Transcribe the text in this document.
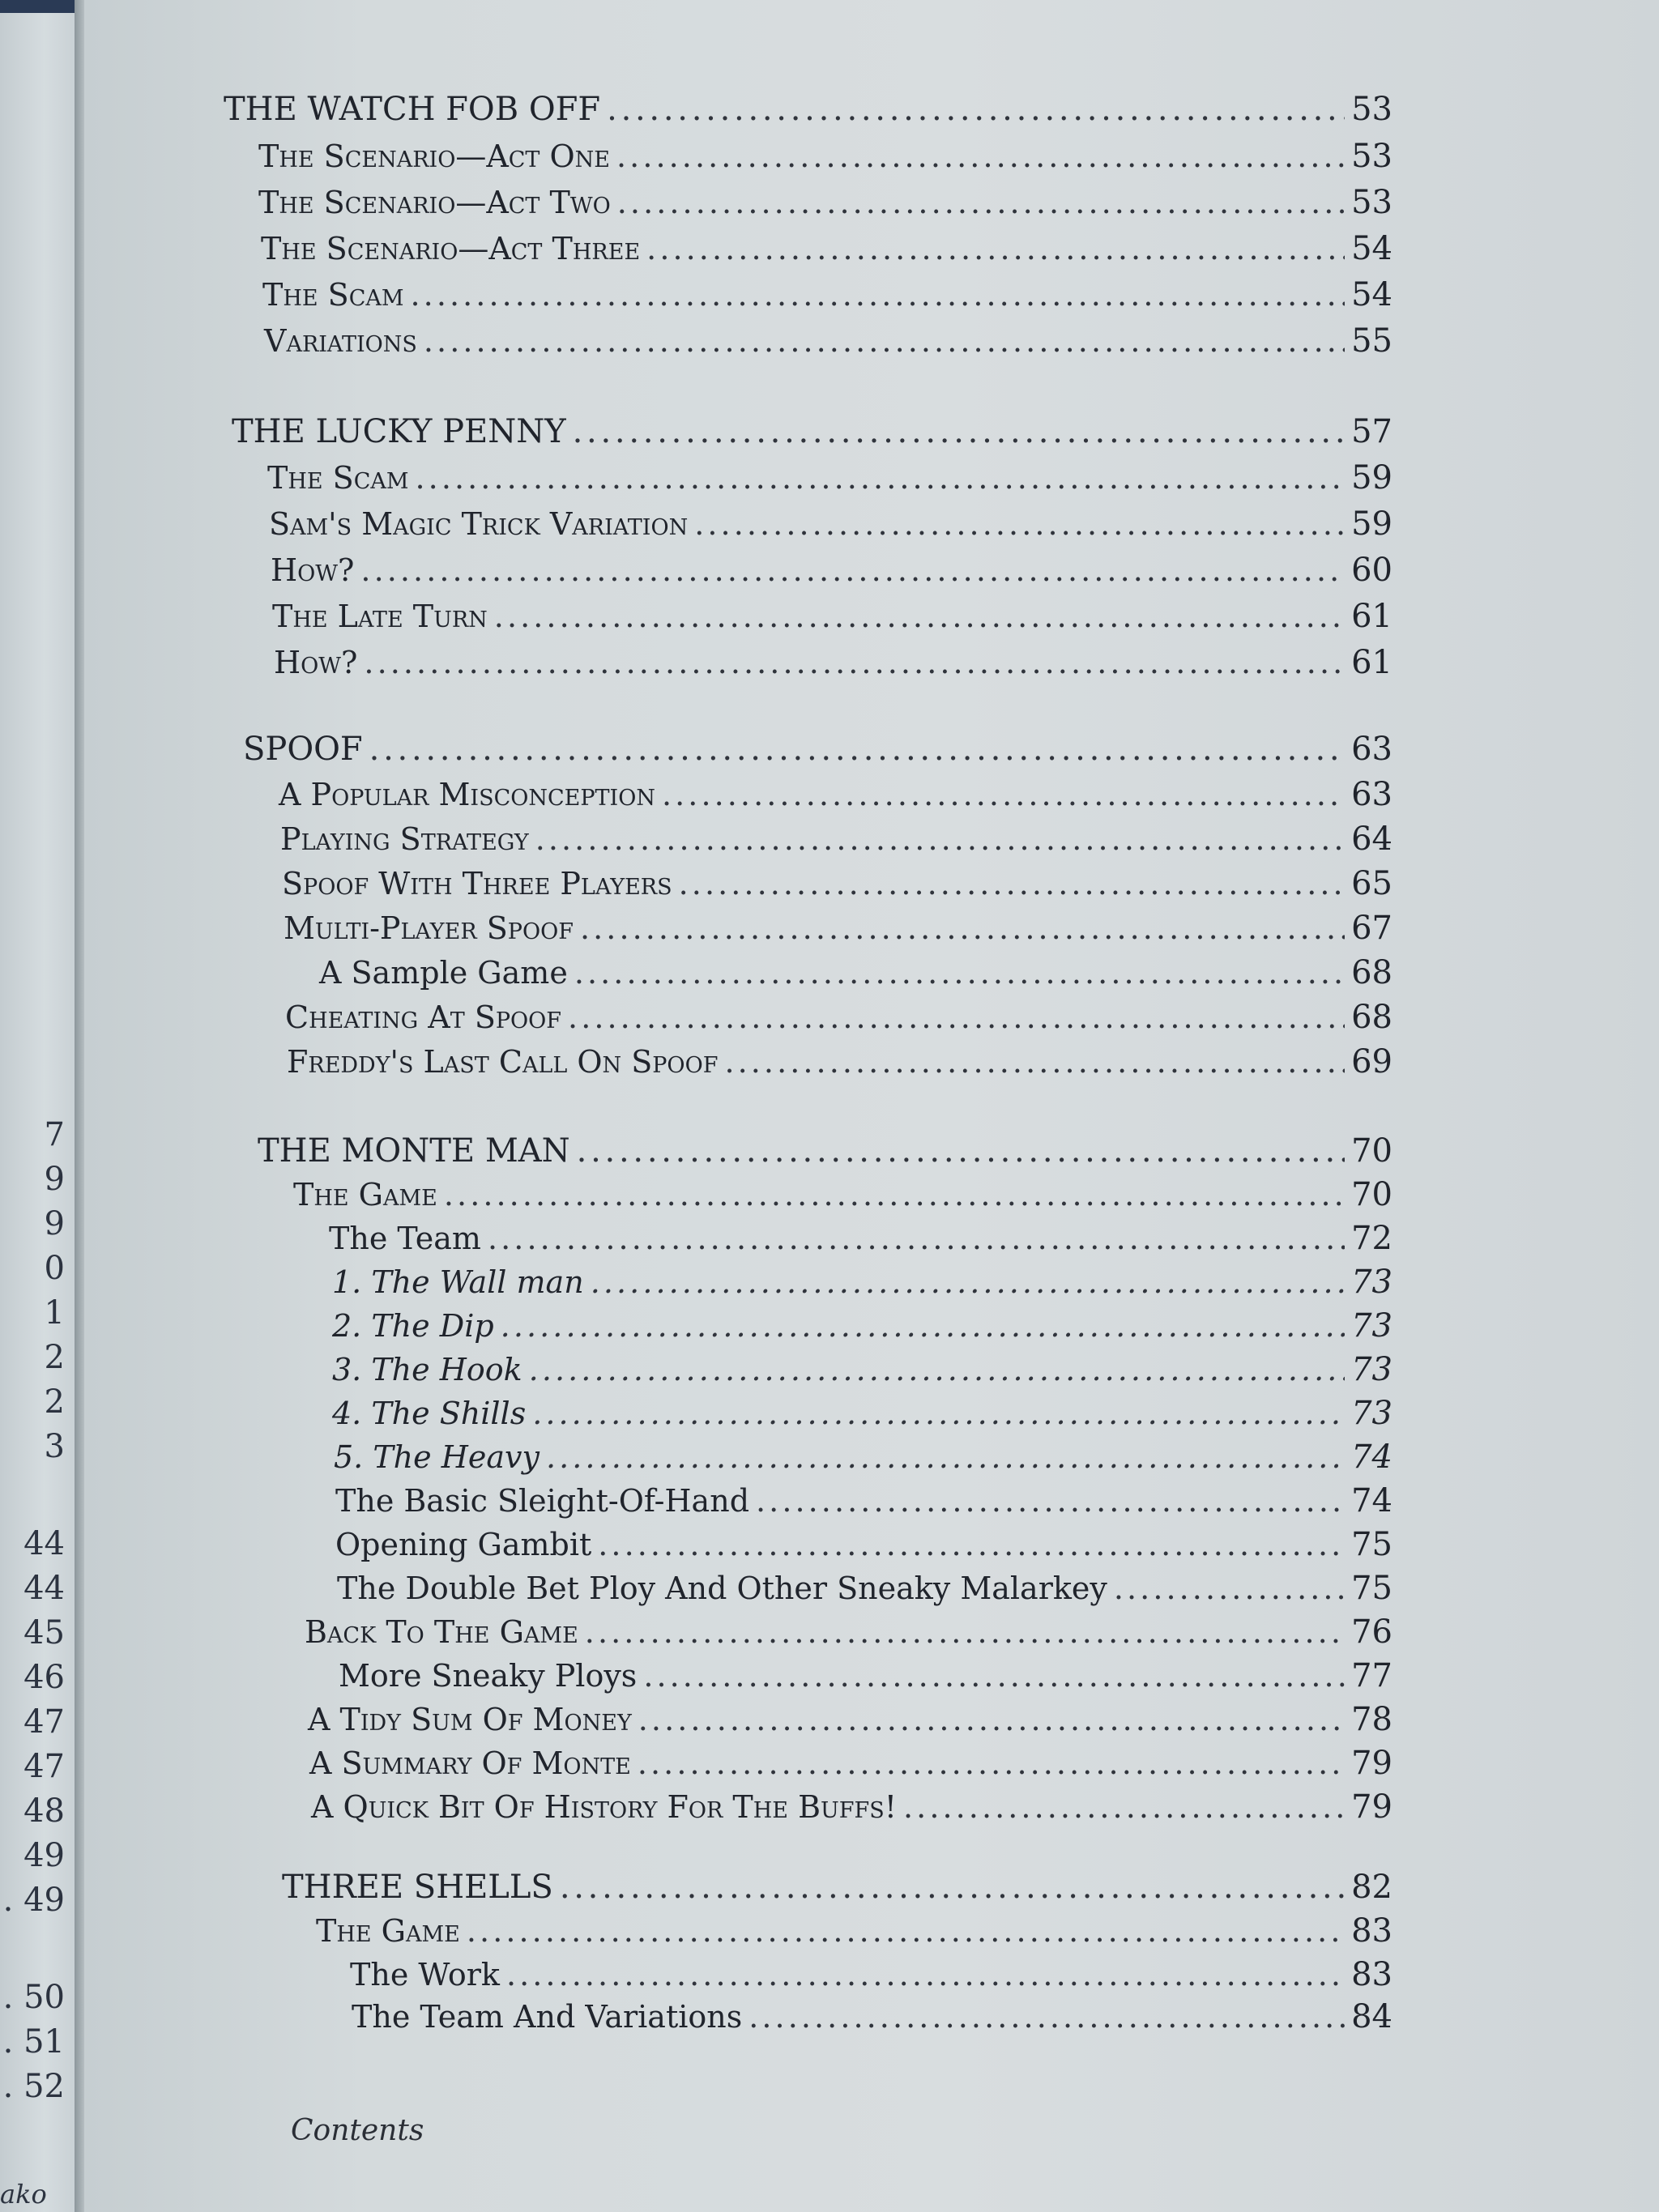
7
9
9
0
1
2
2
3
44
44
45
46
47
47
48
49
. 49
. 50
. 51
. 52
ako
THE WATCH FOB OFF . . .	53
The Scenario—Act One . . .	53
The Scenario—Act Two . . .	53
The Scenario—Act Three . . .	54
The Scam . . .	54
Variations . . .	55
THE LUCKY PENNY . . .	57
The Scam . . .	59
Sam's Magic Trick Variation . . .	59
How? . . .	60
The Late Turn . . .	61
How? . . .	61
SPOOF . . .	63
A Popular Misconception . . .	63
Playing Strategy . . .	64
Spoof With Three Players . . .	65
Multi-Player Spoof . . .	67
A Sample Game . . .	68
Cheating At Spoof . . .	68
Freddy's Last Call On Spoof . . .	69
THE MONTE MAN . . .	70
The Game . . .	70
The Team . . .	72
1. The Wall man . . .	73
2. The Dip . . .	73
3. The Hook . . .	73
4. The Shills . . .	73
5. The Heavy . . .	74
The Basic Sleight-Of-Hand . . .	74
Opening Gambit . . .	75
The Double Bet Ploy And Other Sneaky Malarkey . . .	75
Back To The Game . . .	76
More Sneaky Ploys . . .	77
A Tidy Sum Of Money . . .	78
A Summary Of Monte . . .	79
A Quick Bit Of History For The Buffs! . . .	79
THREE SHELLS . . .	82
The Game . . .	83
The Work . . .	83
The Team And Variations . . .	84
Contents
